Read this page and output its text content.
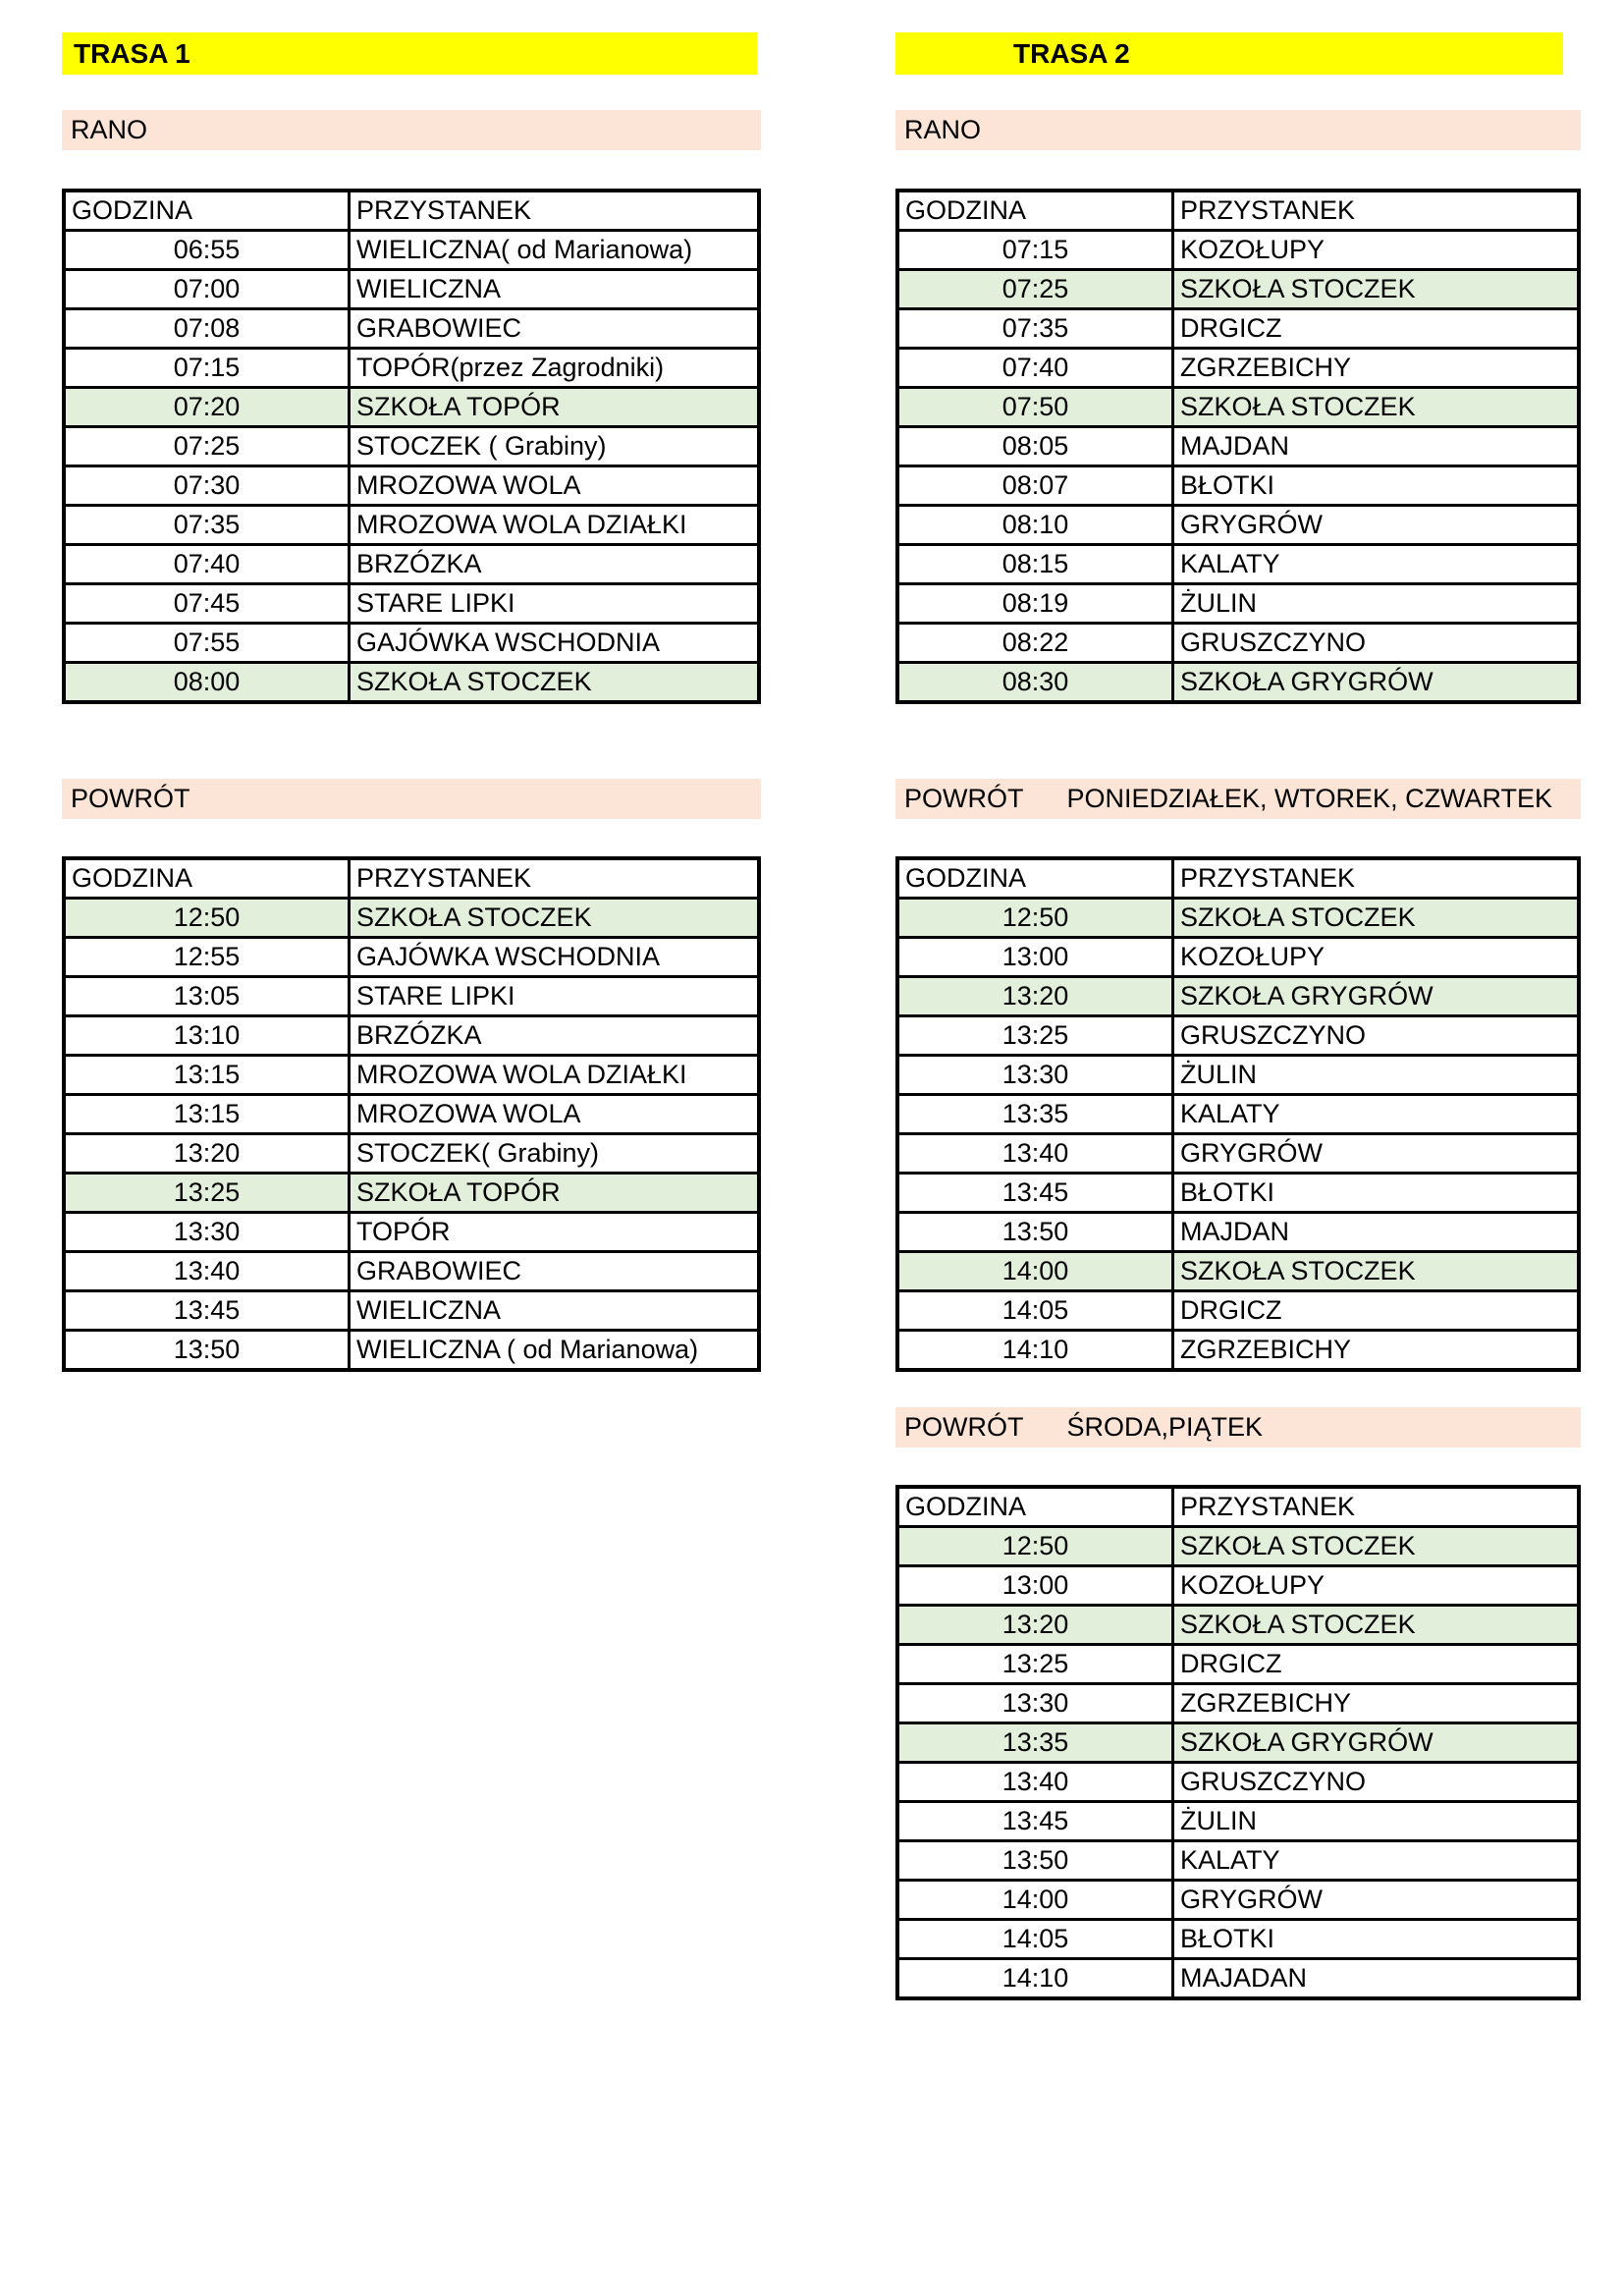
TRASA 1
RANO
GODZINA	PRZYSTANEK
06:55	WIELICZNA( od Marianowa)
07:00	WIELICZNA
07:08	GRABOWIEC
07:15	TOPÓR(przez Zagrodniki)
07:20	SZKOŁA TOPÓR
07:25	STOCZEK ( Grabiny)
07:30	MROZOWA WOLA
07:35	MROZOWA WOLA DZIAŁKI
07:40	BRZÓZKA
07:45	STARE LIPKI
07:55	GAJÓWKA WSCHODNIA
08:00	SZKOŁA STOCZEK
POWRÓT
GODZINA	PRZYSTANEK
12:50	SZKOŁA STOCZEK
12:55	GAJÓWKA WSCHODNIA
13:05	STARE LIPKI
13:10	BRZÓZKA
13:15	MROZOWA WOLA DZIAŁKI
13:15	MROZOWA WOLA
13:20	STOCZEK( Grabiny)
13:25	SZKOŁA TOPÓR
13:30	TOPÓR
13:40	GRABOWIEC
13:45	WIELICZNA
13:50	WIELICZNA ( od Marianowa)
TRASA 2
RANO
GODZINA	PRZYSTANEK
07:15	KOZOŁUPY
07:25	SZKOŁA STOCZEK
07:35	DRGICZ
07:40	ZGRZEBICHY
07:50	SZKOŁA STOCZEK
08:05	MAJDAN
08:07	BŁOTKI
08:10	GRYGRÓW
08:15	KALATY
08:19	ŻULIN
08:22	GRUSZCZYNO
08:30	SZKOŁA GRYGRÓW
POWRÓT PONIEDZIAŁEK, WTOREK, CZWARTEK
GODZINA	PRZYSTANEK
12:50	SZKOŁA STOCZEK
13:00	KOZOŁUPY
13:20	SZKOŁA GRYGRÓW
13:25	GRUSZCZYNO
13:30	ŻULIN
13:35	KALATY
13:40	GRYGRÓW
13:45	BŁOTKI
13:50	MAJDAN
14:00	SZKOŁA STOCZEK
14:05	DRGICZ
14:10	ZGRZEBICHY
POWRÓT ŚRODA,PIĄTEK
GODZINA	PRZYSTANEK
12:50	SZKOŁA STOCZEK
13:00	KOZOŁUPY
13:20	SZKOŁA STOCZEK
13:25	DRGICZ
13:30	ZGRZEBICHY
13:35	SZKOŁA GRYGRÓW
13:40	GRUSZCZYNO
13:45	ŻULIN
13:50	KALATY
14:00	GRYGRÓW
14:05	BŁOTKI
14:10	MAJADAN
